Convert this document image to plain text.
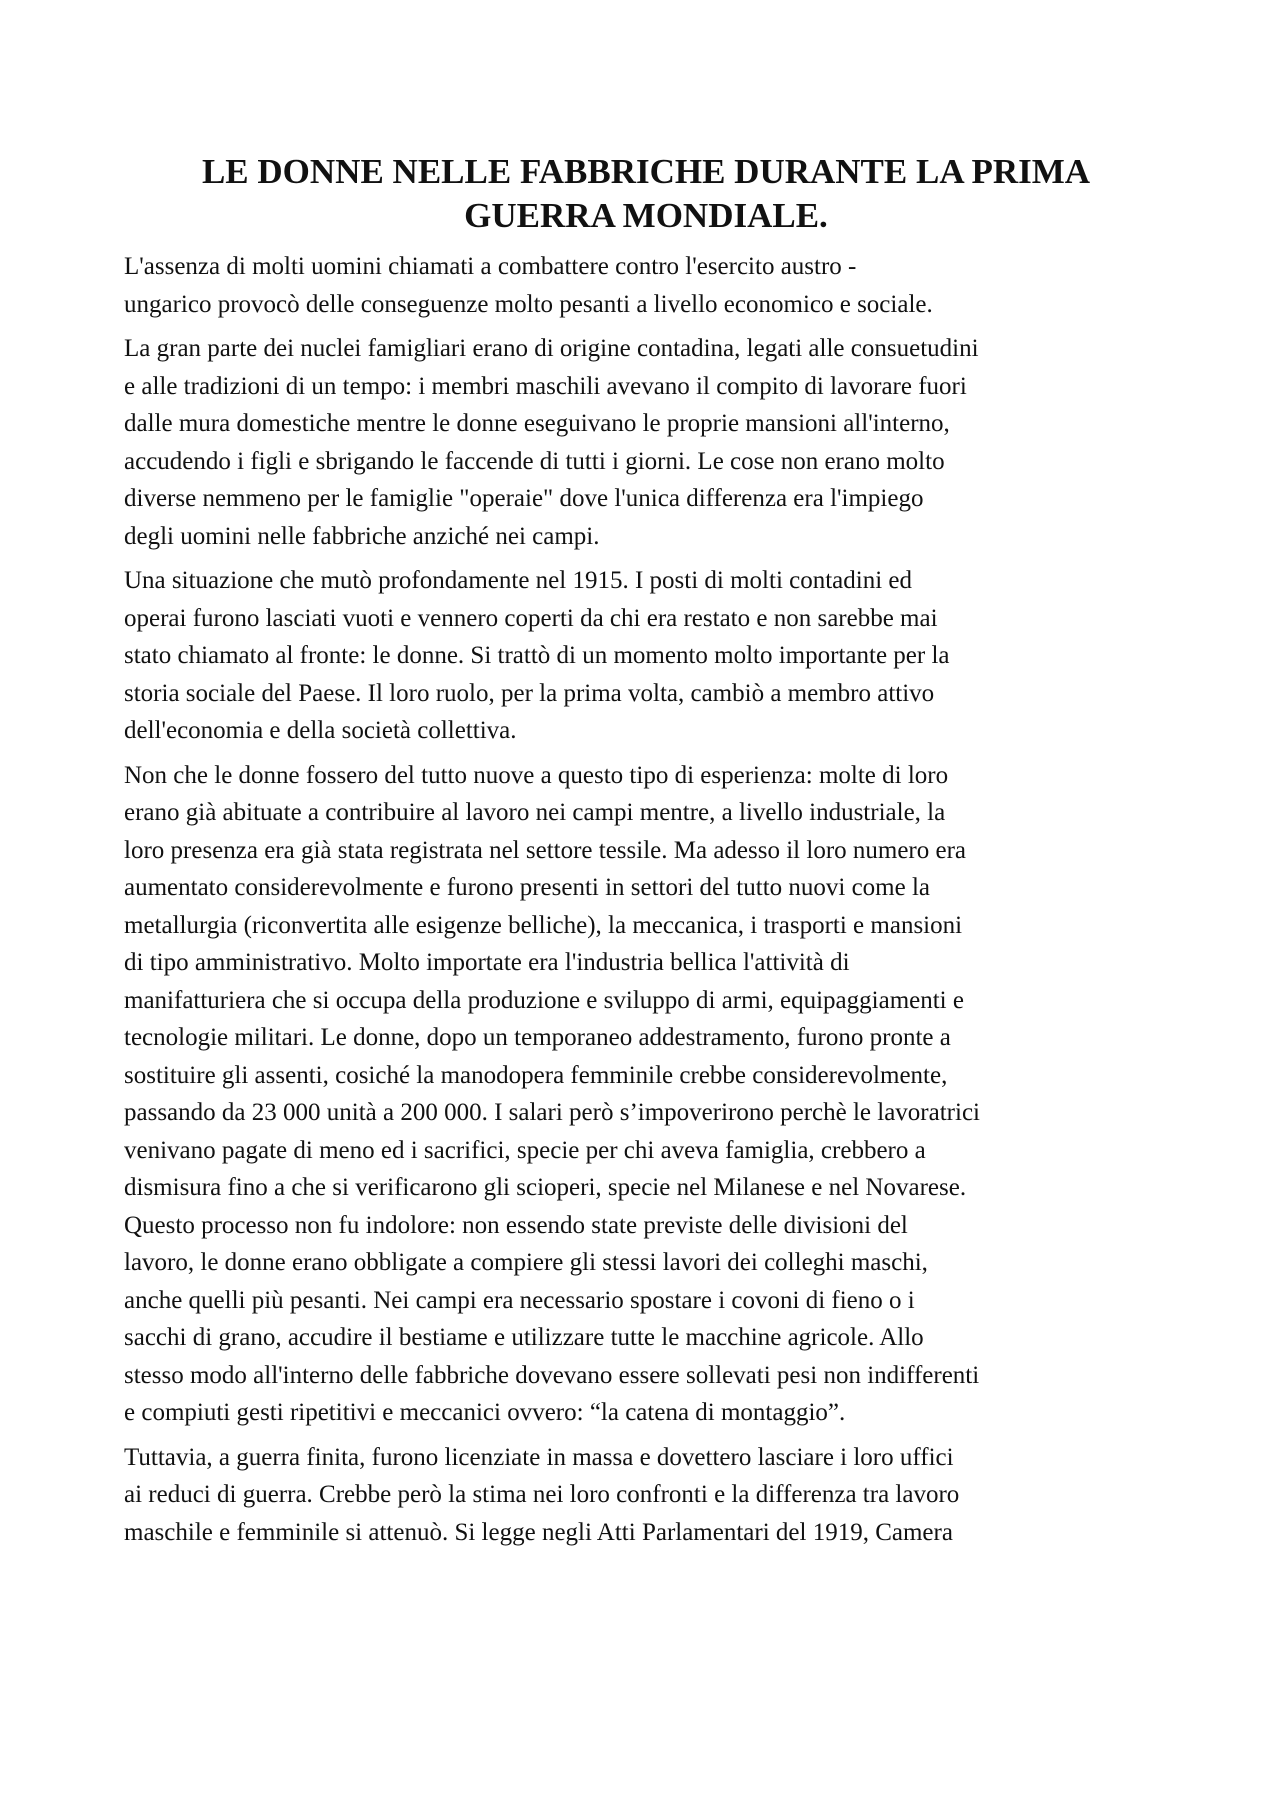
LE DONNE NELLE FABBRICHE DURANTE LA PRIMA
GUERRA MONDIALE.

L'assenza di molti uomini chiamati a combattere contro l'esercito austro -
ungarico provocò delle conseguenze molto pesanti a livello economico e sociale.

La gran parte dei nuclei famigliari erano di origine contadina, legati alle consuetudini
e alle tradizioni di un tempo: i membri maschili avevano il compito di lavorare fuori
dalle mura domestiche mentre le donne eseguivano le proprie mansioni all'interno,
accudendo i figli e sbrigando le faccende di tutti i giorni. Le cose non erano molto
diverse nemmeno per le famiglie "operaie" dove l'unica differenza era l'impiego
degli uomini nelle fabbriche anziché nei campi.

Una situazione che mutò profondamente nel 1915. I posti di molti contadini ed
operai furono lasciati vuoti e vennero coperti da chi era restato e non sarebbe mai
stato chiamato al fronte: le donne. Si trattò di un momento molto importante per la
storia sociale del Paese. Il loro ruolo, per la prima volta, cambiò a membro attivo
dell'economia e della società collettiva.

Non che le donne fossero del tutto nuove a questo tipo di esperienza: molte di loro
erano già abituate a contribuire al lavoro nei campi mentre, a livello industriale, la
loro presenza era già stata registrata nel settore tessile. Ma adesso il loro numero era
aumentato considerevolmente e furono presenti in settori del tutto nuovi come la
metallurgia (riconvertita alle esigenze belliche), la meccanica, i trasporti e mansioni
di tipo amministrativo. Molto importate era l'industria bellica l'attività di
manifatturiera che si occupa della produzione e sviluppo di armi, equipaggiamenti e
tecnologie militari. Le donne, dopo un temporaneo addestramento, furono pronte a
sostituire gli assenti, cosiché la manodopera femminile crebbe considerevolmente,
passando da 23 000 unità a 200 000. I salari però s’impoverirono perchè le lavoratrici
venivano pagate di meno ed i sacrifici, specie per chi aveva famiglia, crebbero a
dismisura fino a che si verificarono gli scioperi, specie nel Milanese e nel Novarese.
Questo processo non fu indolore: non essendo state previste delle divisioni del
lavoro, le donne erano obbligate a compiere gli stessi lavori dei colleghi maschi,
anche quelli più pesanti. Nei campi era necessario spostare i covoni di fieno o i
sacchi di grano, accudire il bestiame e utilizzare tutte le macchine agricole. Allo
stesso modo all'interno delle fabbriche dovevano essere sollevati pesi non indifferenti
e compiuti gesti ripetitivi e meccanici ovvero: “la catena di montaggio”.

Tuttavia, a guerra finita, furono licenziate in massa e dovettero lasciare i loro uffici
ai reduci di guerra. Crebbe però la stima nei loro confronti e la differenza tra lavoro
maschile e femminile si attenuò. Si legge negli Atti Parlamentari del 1919, Camera
